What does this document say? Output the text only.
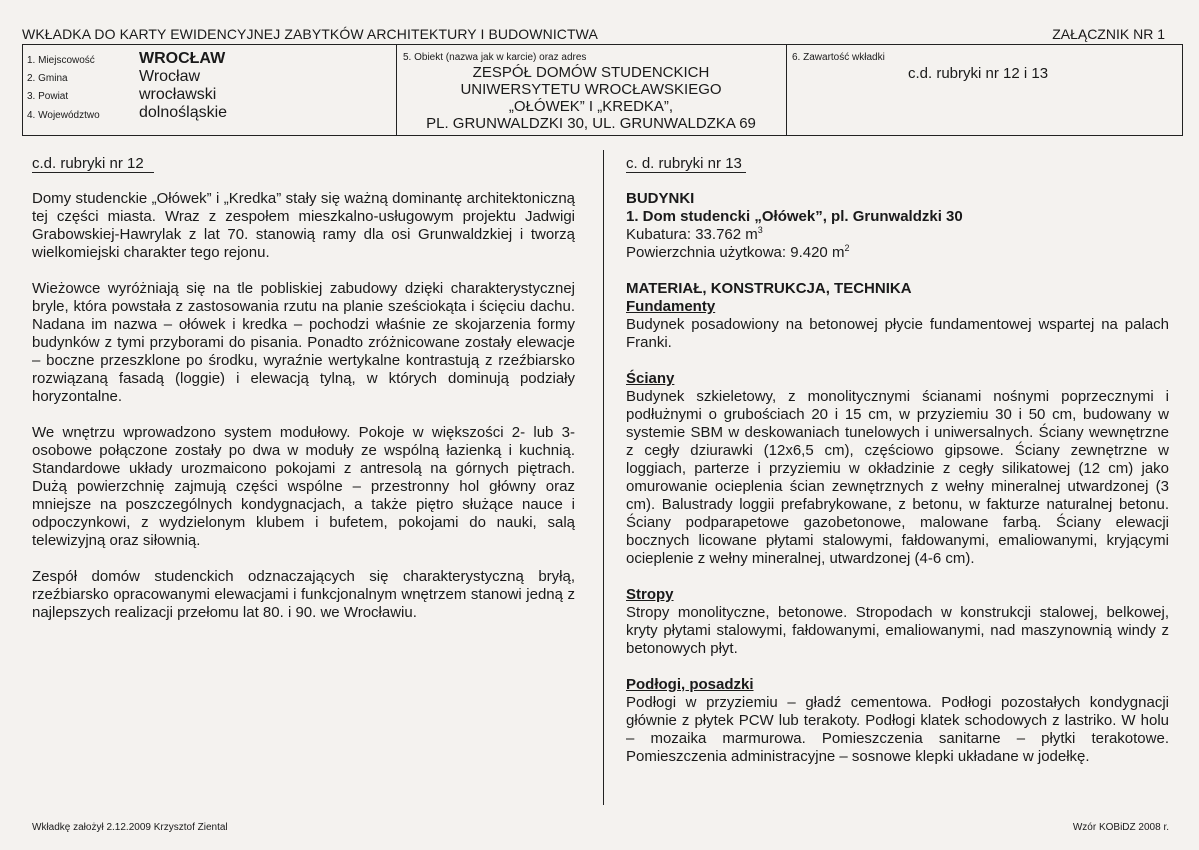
WKŁADKA DO KARTY EWIDENCYJNEJ ZABYTKÓW ARCHITEKTURY I BUDOWNICTWA	ZAŁĄCZNIK NR 1
1. Miejscowość	WROCŁAW
2. Gmina	Wrocław
3. Powiat	wrocławski
4. Województwo dolnośląskie
5. Obiekt (nazwa jak w karcie) oraz adres
ZESPÓŁ DOMÓW STUDENCKICH
UNIWERSYTETU WROCŁAWSKIEGO
„OŁÓWEK” I „KREDKA”,
PL. GRUNWALDZKI 30, UL. GRUNWALDZKA 69
6. Zawartość wkładki
c.d. rubryki nr 12 i 13
c.d. rubryki nr 12	c. d. rubryki nr 13

Domy studenckie „Ołówek” i „Kredka” stały się ważną dominantę architektoniczną tej części miasta. Wraz z zespołem mieszkalno-usługowym projektu Jadwigi Grabowskiej-Hawrylak z lat 70. stanowią ramy dla osi Grunwaldzkiej i tworzą wielkomiejski charakter tego rejonu.

Wieżowce wyróżniają się na tle pobliskiej zabudowy dzięki charakterystycznej bryle, która powstała z zastosowania rzutu na planie sześciokąta i ścięciu dachu. Nadana im nazwa – ołówek i kredka – pochodzi właśnie ze skojarzenia formy budynków z tymi przyborami do pisania. Ponadto zróżnicowane zostały elewacje – boczne przeszklone po środku, wyraźnie wertykalne kontrastują z rzeźbiarsko rozwiązaną fasadą (loggie) i elewacją tylną, w których dominują podziały horyzontalne.

We wnętrzu wprowadzono system modułowy. Pokoje w większości 2- lub 3-osobowe połączone zostały po dwa w moduły ze wspólną łazienką i kuchnią. Standardowe układy urozmaicono pokojami z antresolą na górnych piętrach. Dużą powierzchnię zajmują części wspólne – przestronny hol główny oraz mniejsze na poszczególnych kondygnacjach, a także piętro służące nauce i odpoczynkowi, z wydzielonym klubem i bufetem, pokojami do nauki, salą telewizyjną oraz siłownią.

Zespół domów studenckich odznaczających się charakterystyczną bryłą, rzeźbiarsko opracowanymi elewacjami i funkcjonalnym wnętrzem stanowi jedną z najlepszych realizacji przełomu lat 80. i 90. we Wrocławiu.

BUDYNKI
1. Dom studencki „Ołówek”, pl. Grunwaldzki 30
Kubatura: 33.762 $m^3$
Powierzchnia użytkowa: 9.420 $m^2$
MATERIAŁ, KONSTRUKCJA, TECHNIKA
Fundamenty

Budynek posadowiony na betonowej płycie fundamentowej wspartej na palach Franki.

Ściany

Budynek szkieletowy, z monolitycznymi ścianami nośnymi poprzecznymi i podłużnymi o grubościach 20 i 15 cm, w przyziemiu 30 i 50 cm, budowany w systemie SBM w deskowaniach tunelowych i uniwersalnych. Ściany wewnętrzne z cegły dziurawki (12x6,5 cm), częściowo gipsowe. Ściany zewnętrzne w loggiach, parterze i przyziemiu w okładzinie z cegły silikatowej (12 cm) jako omurowanie ocieplenia ścian zewnętrznych z wełny mineralnej utwardzonej (3 cm). Balustrady loggii prefabrykowane, z betonu, w fakturze naturalnej betonu. Ściany podparapetowe gazobetonowe, malowane farbą. Ściany elewacji bocznych licowane płytami stalowymi, fałdowanymi, emaliowanymi, kryjącymi ocieplenie z wełny mineralnej, utwardzonej (4-6 cm).

Stropy

Stropy monolityczne, betonowe. Stropodach w konstrukcji stalowej, belkowej, kryty płytami stalowymi, fałdowanymi, emaliowanymi, nad maszynownią windy z betonowych płyt.

Podłogi, posadzki

Podłogi w przyziemiu – gładź cementowa. Podłogi pozostałych kondygnacji głównie z płytek PCW lub terakoty. Podłogi klatek schodowych z lastriko. W holu – mozaika marmurowa. Pomieszczenia sanitarne – płytki terakotowe. Pomieszczenia administracyjne – sosnowe klepki układane w jodełkę.

Wkładkę założył 2.12.2009 Krzysztof Ziental	Wzór KOBiDZ 2008 r.
